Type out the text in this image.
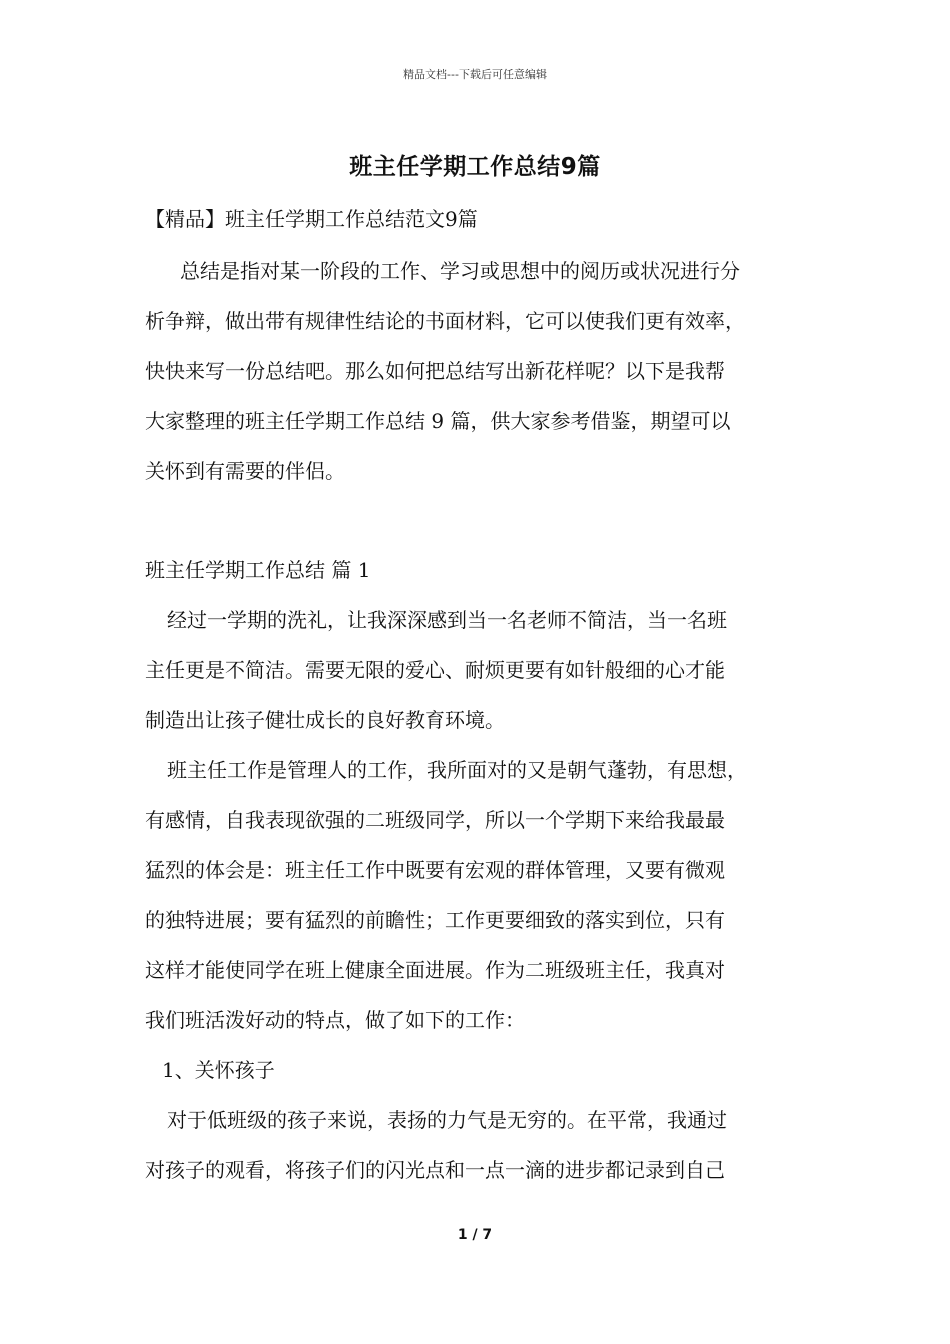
精品文档---下载后可任意编辑
班主任学期工作总结9篇
【精品】班主任学期工作总结范文9篇
总结是指对某一阶段的工作、学习或思想中的阅历或状况进行分
析争辩，做出带有规律性结论的书面材料，它可以使我们更有效率，
快快来写一份总结吧。那么如何把总结写出新花样呢？以下是我帮
大家整理的班主任学期工作总结 9 篇，供大家参考借鉴，期望可以
关怀到有需要的伴侣。
班主任学期工作总结 篇 1
经过一学期的洗礼，让我深深感到当一名老师不简洁，当一名班
主任更是不简洁。需要无限的爱心、耐烦更要有如针般细的心才能
制造出让孩子健壮成长的良好教育环境。
班主任工作是管理人的工作，我所面对的又是朝气蓬勃，有思想，
有感情，自我表现欲强的二班级同学，所以一个学期下来给我最最
猛烈的体会是：班主任工作中既要有宏观的群体管理，又要有微观
的独特进展；要有猛烈的前瞻性；工作更要细致的落实到位，只有
这样才能使同学在班上健康全面进展。作为二班级班主任，我真对
我们班活泼好动的特点，做了如下的工作：
1、关怀孩子
对于低班级的孩子来说，表扬的力气是无穷的。在平常，我通过
对孩子的观看，将孩子们的闪光点和一点一滴的进步都记录到自己
1 / 7
